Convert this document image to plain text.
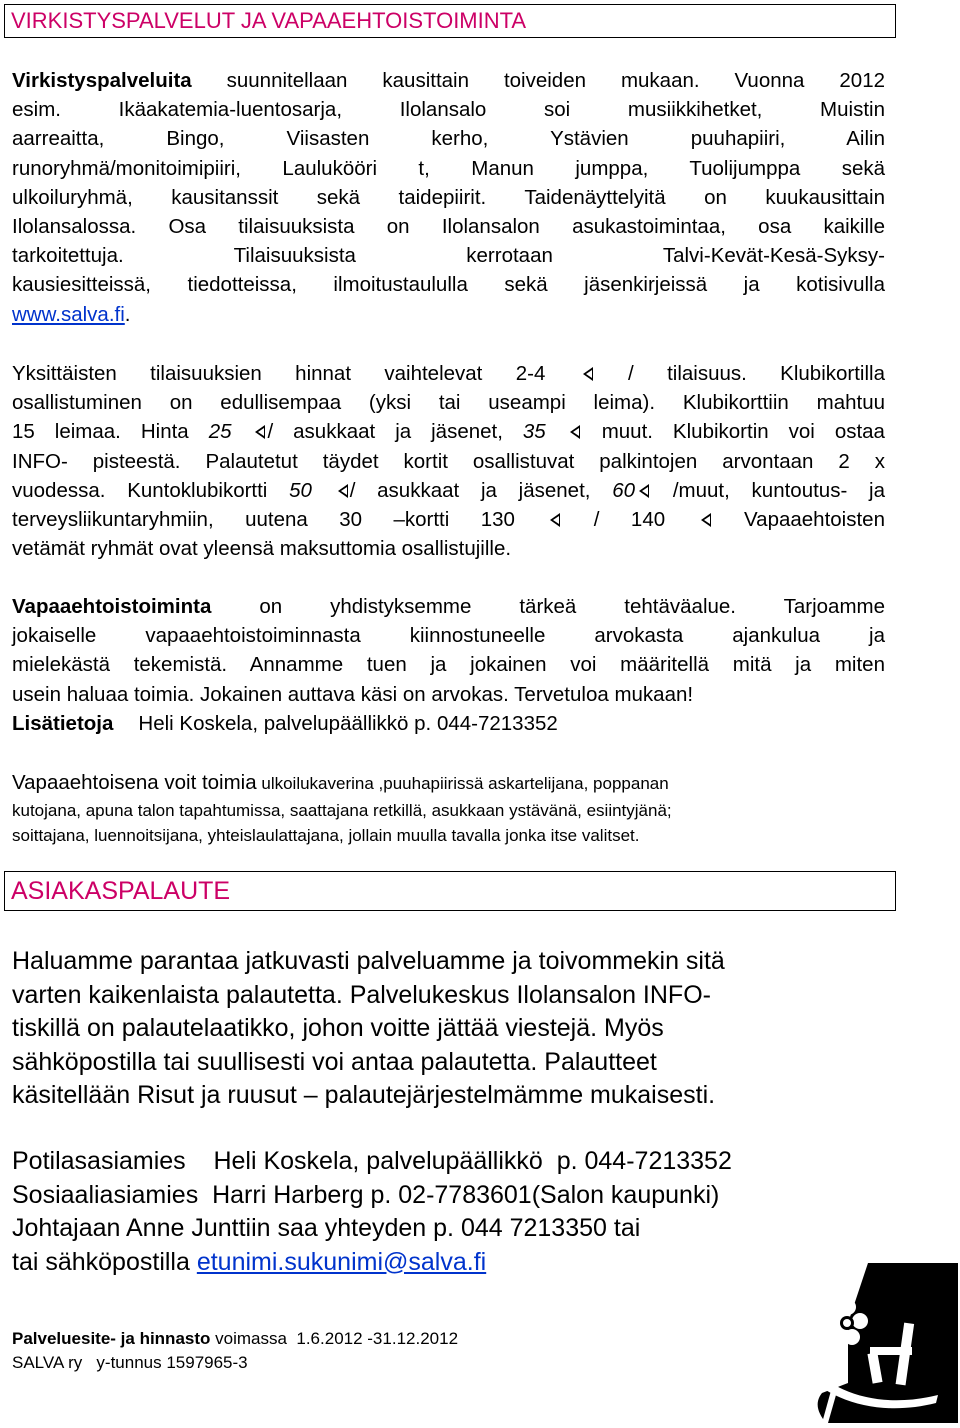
VIRKISTYSPALVELUT JA VAPAAEHTOISTOIMINTA
Virkistyspalveluita suunnitellaan kausittain toiveiden mukaan. Vuonna 2012
esim. Ikäakatemia-luentosarja, Ilolansalo soi musiikkihetket, Muistin
aarreaitta, Bingo, Viisasten kerho, Ystävien puuhapiiri, Ailin
runoryhmä/monitoimipiiri, Laulukööri t, Manun jumppa, Tuolijumppa sekä
ulkoiluryhmä, kausitanssit sekä taidepiirit. Taidenäyttelyitä on kuukausittain
Ilolansalossa. Osa tilaisuuksista on Ilolansalon asukastoimintaa, osa kaikille
tarkoitettuja. Tilaisuuksista kerrotaan Talvi-Kevät-Kesä-Syksy-
kausiesitteissä, tiedotteissa, ilmoitustaululla sekä jäsenkirjeissä ja kotisivulla
www.salva.fi.
Yksittäisten tilaisuuksien hinnat vaihtelevat 2-4	/ tilaisuus. Klubikortilla
osallistuminen on edullisempaa (yksi tai useampi leima). Klubikorttiin mahtuu
15 leimaa. Hinta 25 / asukkaat ja jäsenet, 35	muut. Klubikortin voi ostaa
INFO- pisteestä. Palautetut täydet kortit osallistuvat palkintojen arvontaan 2 x
vuodessa. Kuntoklubikortti 50 / asukkaat ja jäsenet, 60 /muut, kuntoutus- ja
terveysliikuntaryhmiin, uutena 30 –kortti 130	/ 140	Vapaaehtoisten
vetämät ryhmät ovat yleensä maksuttomia osallistujille.
Vapaaehtoistoiminta on yhdistyksemme tärkeä tehtäväalue. Tarjoamme
jokaiselle vapaaehtoistoiminnasta kiinnostuneelle arvokasta ajankulua ja
mielekästä tekemistä. Annamme tuen ja jokainen voi määritellä mitä ja miten
usein haluaa toimia. Jokainen auttava käsi on arvokas. Tervetuloa mukaan!
Lisätietoja Heli Koskela, palvelupäällikkö p. 044-7213352
Vapaaehtoisena voit toimia ulkoilukaverina ,puuhapiirissä askartelijana, poppanan
kutojana, apuna talon tapahtumissa, saattajana retkillä, asukkaan ystävänä, esiintyjänä;
soittajana, luennoitsijana, yhteislaulattajana, jollain muulla tavalla jonka itse valitset.
ASIAKASPALAUTE
Haluamme parantaa jatkuvasti palveluamme ja toivommekin sitä
varten kaikenlaista palautetta. Palvelukeskus Ilolansalon INFO-
tiskillä on palautelaatikko, johon voitte jättää viestejä. Myös
sähköpostilla tai suullisesti voi antaa palautetta. Palautteet
käsitellään Risut ja ruusut – palautejärjestelmämme mukaisesti.
Potilasasiamies    Heli Koskela, palvelupäällikkö  p. 044-7213352
Sosiaaliasiamies  Harri Harberg p. 02-7783601(Salon kaupunki)
Johtajaan Anne Junttiin saa yhteyden p. 044 7213350 tai
tai sähköpostilla etunimi.sukunimi@salva.fi
Palveluesite- ja hinnasto voimassa  1.6.2012 -31.12.2012
SALVA ry   y-tunnus 1597965-3
